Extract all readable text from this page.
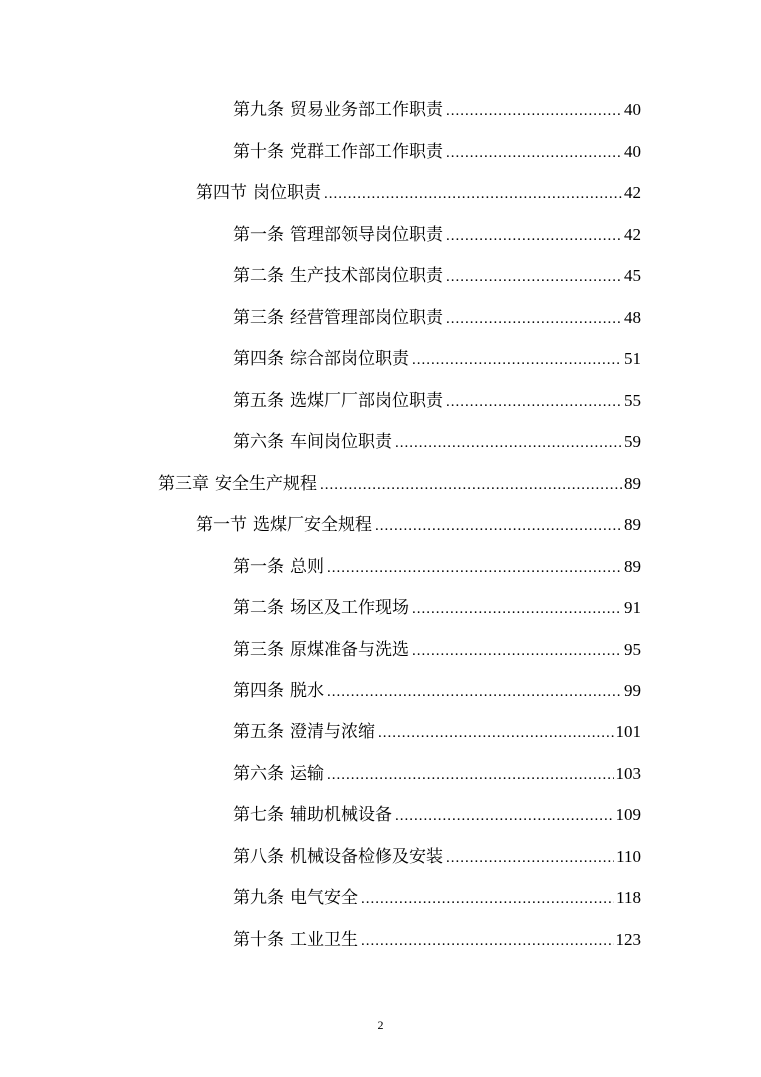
第九条 贸易业务部工作职责 .....	40
第十条 党群工作部工作职责 .....	40
第四节 岗位职责 .....	42
第一条 管理部领导岗位职责 .....	42
第二条 生产技术部岗位职责 .....	45
第三条 经营管理部岗位职责 .....	48
第四条 综合部岗位职责 .....	51
第五条 选煤厂厂部岗位职责 .....	55
第六条 车间岗位职责 .....	59
第三章 安全生产规程 .....	89
第一节 选煤厂安全规程 .....	89
第一条 总则 .....	89
第二条 场区及工作现场 .....	91
第三条 原煤准备与洗选 .....	95
第四条 脱水 .....	99
第五条 澄清与浓缩 .....	101
第六条 运输 .....	103
第七条 辅助机械设备 .....	109
第八条 机械设备检修及安装 .....	110
第九条 电气安全 .....	118
第十条 工业卫生 .....	123
2
